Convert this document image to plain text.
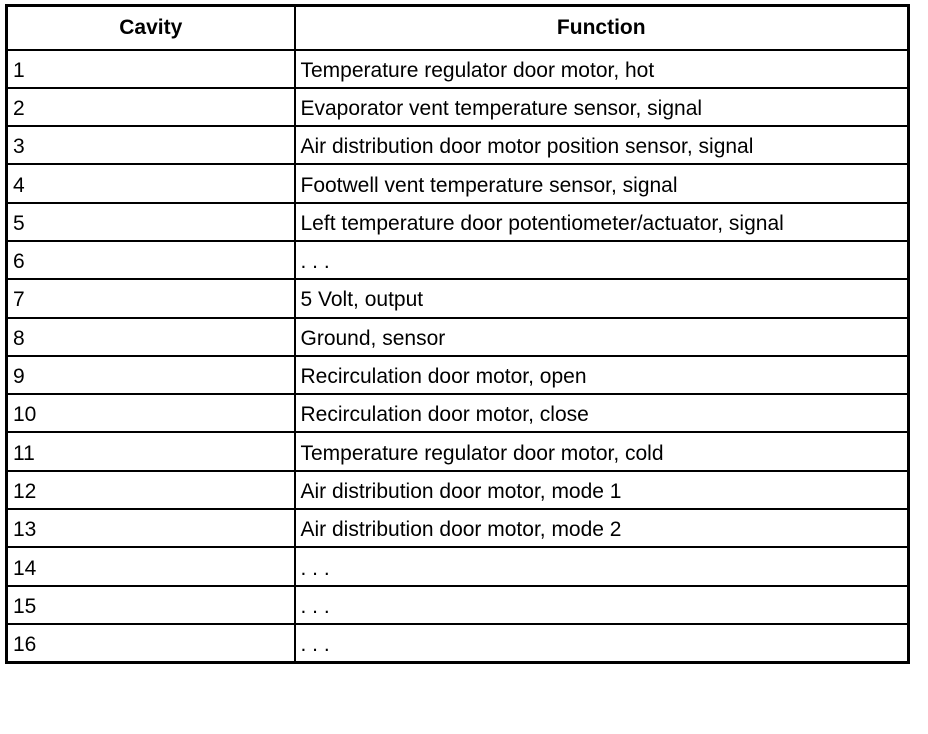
Cavity	Function
1	Temperature regulator door motor, hot
2	Evaporator vent temperature sensor, signal
3	Air distribution door motor position sensor, signal
4	Footwell vent temperature sensor, signal
5	Left temperature door potentiometer/actuator, signal
6	. . .
7	5 Volt, output
8	Ground, sensor
9	Recirculation door motor, open
10	Recirculation door motor, close
11	Temperature regulator door motor, cold
12	Air distribution door motor, mode 1
13	Air distribution door motor, mode 2
14	. . .
15	. . .
16	. . .
